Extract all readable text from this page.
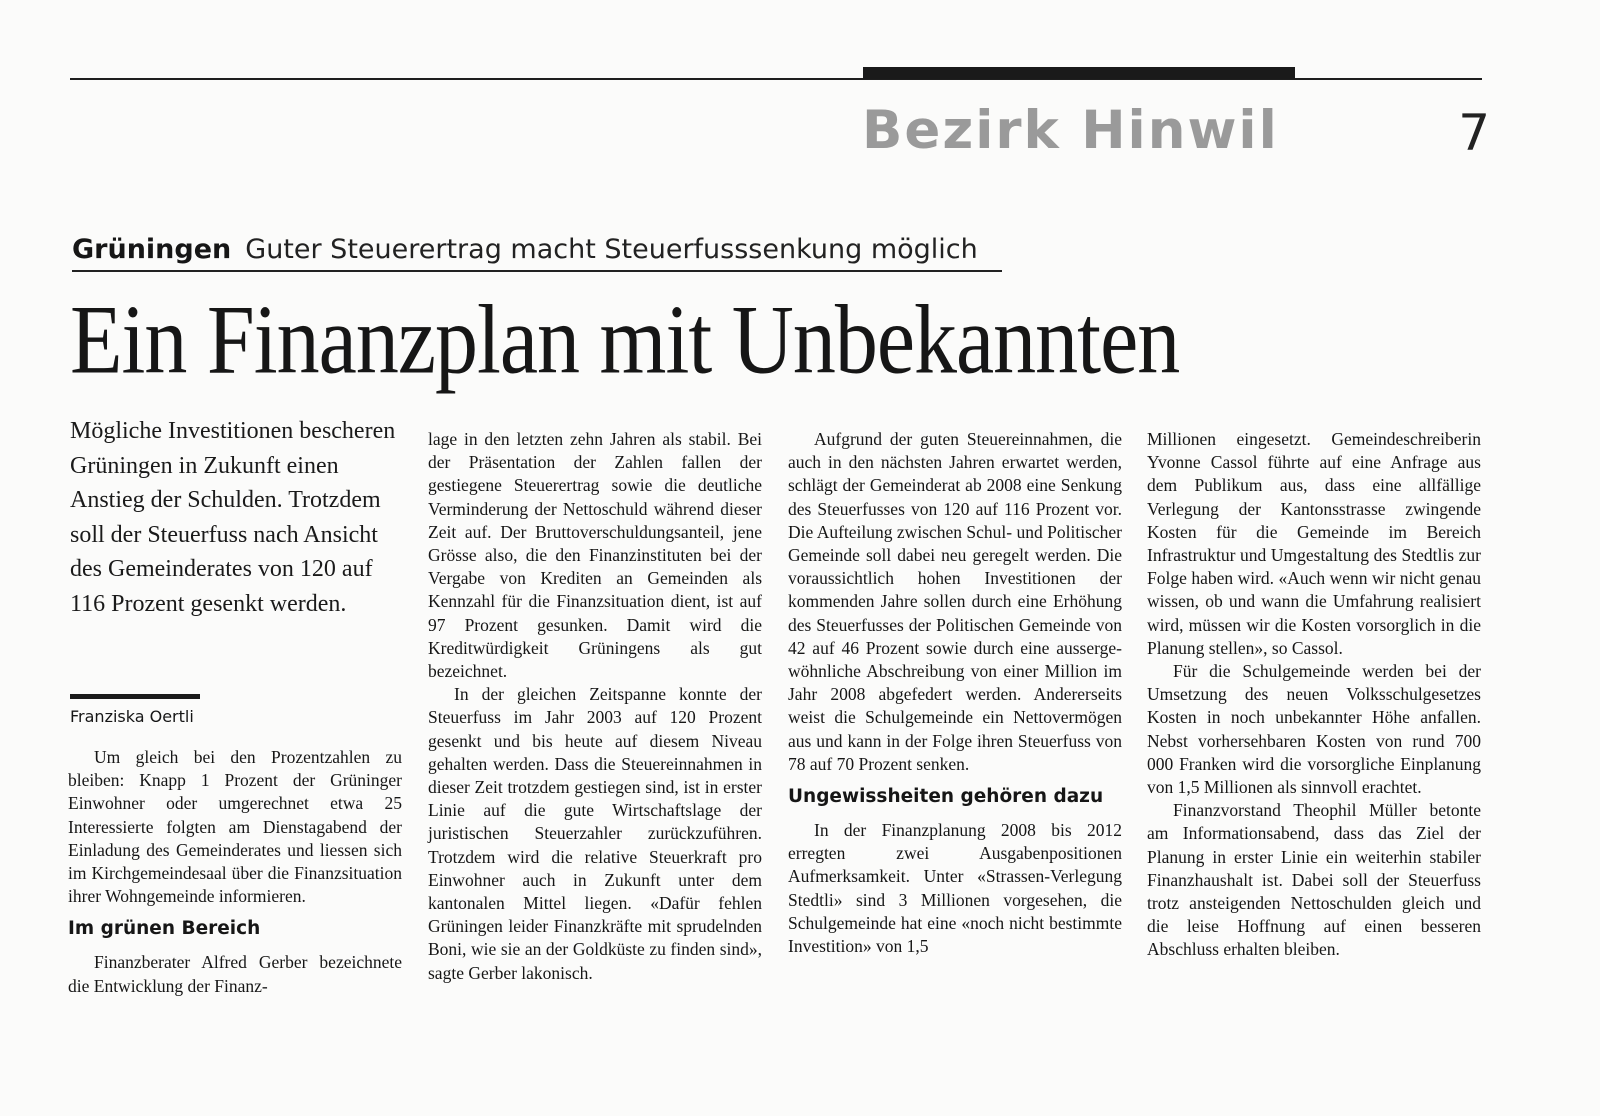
Bezirk Hinwil	7
Grüningen Guter Steuerertrag macht Steuerfusssenkung möglich
Ein Finanzplan mit Unbekannten
Mögliche Investitionen bescheren Grüningen in Zukunft einen Anstieg der Schulden. Trotzdem soll der Steuerfuss nach Ansicht des Gemeinderates von 120 auf 116 Prozent gesenkt werden.
Franziska Oertli

Um gleich bei den Prozentzahlen zu bleiben: Knapp 1 Prozent der Grüninger Einwohner oder umgerechnet etwa 25 Interessierte folgten am Dienstagabend der Einladung des Gemeinderates und liessen sich im Kirchgemeindesaal über die Finanzsituation ihrer Wohngemeinde informieren.

Im grünen Bereich

Finanzberater Alfred Gerber bezeichnete die Entwicklung der Finanz-

lage in den letzten zehn Jahren als stabil. Bei der Präsentation der Zahlen fallen der gestiegene Steuerertrag sowie die deutliche Verminderung der Nettoschuld während dieser Zeit auf. Der Bruttoverschuldungsanteil, jene Grösse also, die den Finanzinstituten bei der Vergabe von Krediten an Gemeinden als Kennzahl für die Finanzsituation dient, ist auf 97 Prozent gesunken. Damit wird die Kreditwürdigkeit Grüningens als gut bezeichnet.

In der gleichen Zeitspanne konnte der Steuerfuss im Jahr 2003 auf 120 Prozent gesenkt und bis heute auf diesem Niveau gehalten werden. Dass die Steuereinnahmen in dieser Zeit trotzdem gestiegen sind, ist in erster Linie auf die gute Wirtschaftslage der juristischen Steuerzahler zurückzuführen. Trotzdem wird die relative Steuerkraft pro Einwohner auch in Zukunft unter dem kantonalen Mittel liegen. «Dafür fehlen Grüningen leider Finanzkräfte mit sprudelnden Boni, wie sie an der Goldküste zu finden sind», sagte Gerber lakonisch.

Aufgrund der guten Steuereinnahmen, die auch in den nächsten Jahren erwartet werden, schlägt der Gemeinderat ab 2008 eine Senkung des Steuerfusses von 120 auf 116 Prozent vor. Die Aufteilung zwischen Schul- und Politischer Gemeinde soll dabei neu geregelt werden. Die voraussichtlich hohen Investitionen der kommenden Jahre sollen durch eine Erhöhung des Steuerfusses der Politischen Gemeinde von 42 auf 46 Prozent sowie durch eine aussergewöhnliche Abschreibung von einer Million im Jahr 2008 abgefedert werden. Andererseits weist die Schulgemeinde ein Nettovermögen aus und kann in der Folge ihren Steuerfuss von 78 auf 70 Prozent senken.

Ungewissheiten gehören dazu

In der Finanzplanung 2008 bis 2012 erregten zwei Ausgabenpositionen Aufmerksamkeit. Unter «Strassen-Verlegung Stedtli» sind 3 Millionen vorgesehen, die Schulgemeinde hat eine «noch nicht bestimmte Investition» von 1,5

Millionen eingesetzt. Gemeindeschreiberin Yvonne Cassol führte auf eine Anfrage aus dem Publikum aus, dass eine allfällige Verlegung der Kantonsstrasse zwingende Kosten für die Gemeinde im Bereich Infrastruktur und Umgestaltung des Stedtlis zur Folge haben wird. «Auch wenn wir nicht genau wissen, ob und wann die Umfahrung realisiert wird, müssen wir die Kosten vorsorglich in die Planung stellen», so Cassol.

Für die Schulgemeinde werden bei der Umsetzung des neuen Volksschulgesetzes Kosten in noch unbekannter Höhe anfallen. Nebst vorhersehbaren Kosten von rund 700 000 Franken wird die vorsorgliche Einplanung von 1,5 Millionen als sinnvoll erachtet.

Finanzvorstand Theophil Müller betonte am Informationsabend, dass das Ziel der Planung in erster Linie ein weiterhin stabiler Finanzhaushalt ist. Dabei soll der Steuerfuss trotz ansteigenden Nettoschulden gleich und die leise Hoffnung auf einen besseren Abschluss erhalten bleiben.
